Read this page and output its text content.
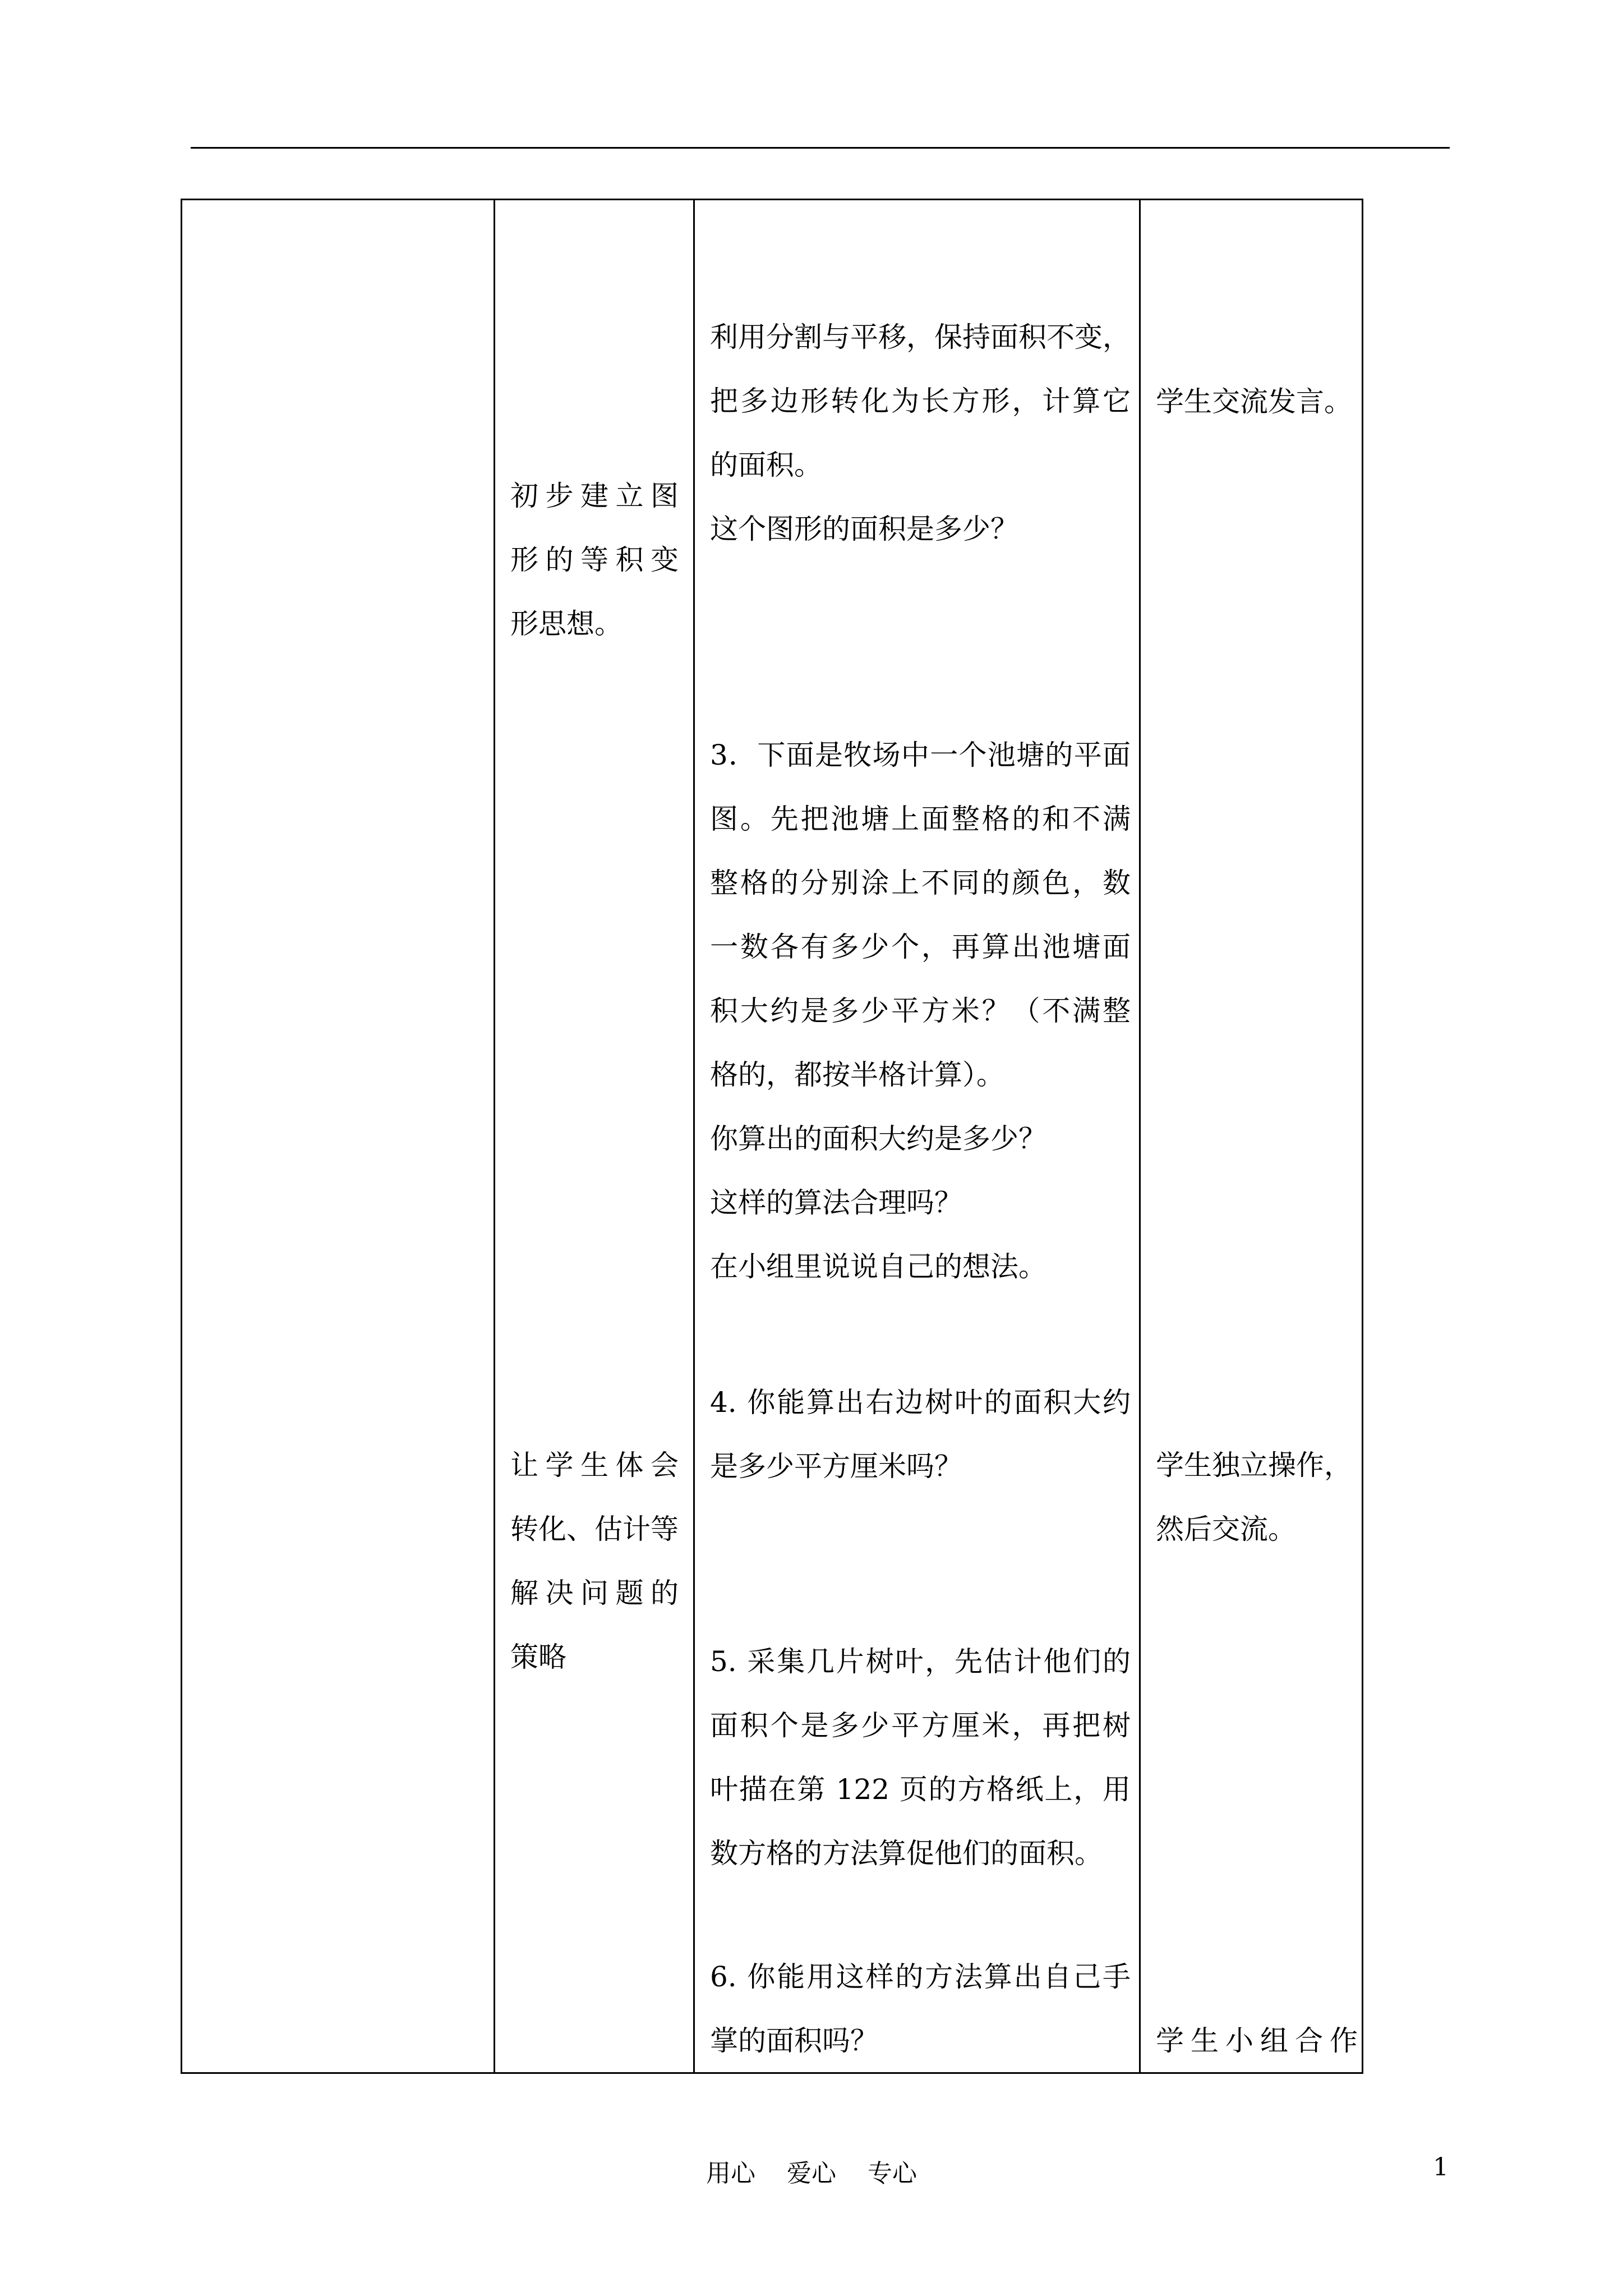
初步建立图
形的等积变
形思想。
让学生体会
转化、估计等
解决问题的
策略
利用分割与平移，保持面积不变，
把多边形转化为长方形，计算它
的面积。
这个图形的面积是多少？
3．下面是牧场中一个池塘的平面
图。先把池塘上面整格的和不满
整格的分别涂上不同的颜色，数
一数各有多少个，再算出池塘面
积大约是多少平方米？（不满整
格的，都按半格计算）。
你算出的面积大约是多少？
这样的算法合理吗？
在小组里说说自己的想法。
4. 你能算出右边树叶的面积大约
是多少平方厘米吗？
5. 采集几片树叶，先估计他们的
面积个是多少平方厘米，再把树
叶描在第 122 页的方格纸上，用
数方格的方法算促他们的面积。
6. 你能用这样的方法算出自己手
掌的面积吗？
学生交流发言。
学生独立操作，
然后交流。
学生小组合作
用心 爱心 专心	1
